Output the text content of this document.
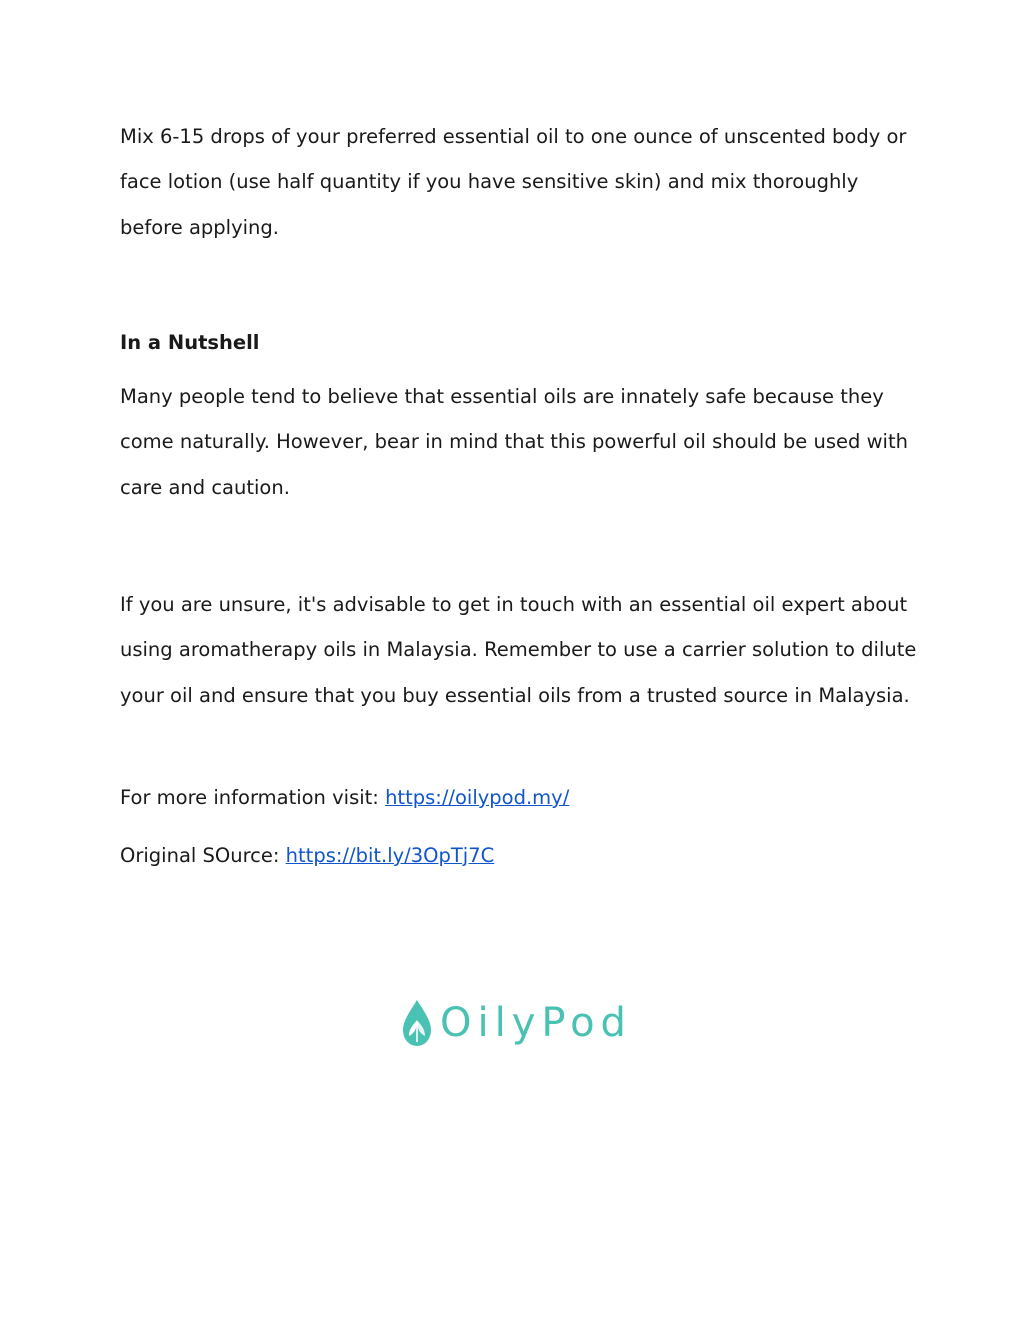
Mix 6-15 drops of your preferred essential oil to one ounce of unscented body or face lotion (use half quantity if you have sensitive skin) and mix thoroughly before applying.

In a Nutshell

Many people tend to believe that essential oils are innately safe because they come naturally. However, bear in mind that this powerful oil should be used with care and caution.

If you are unsure, it's advisable to get in touch with an essential oil expert about using aromatherapy oils in Malaysia. Remember to use a carrier solution to dilute your oil and ensure that you buy essential oils from a trusted source in Malaysia.

For more information visit: https://oilypod.my/

Original SOurce: https://bit.ly/3OpTj7C

OilyPod
